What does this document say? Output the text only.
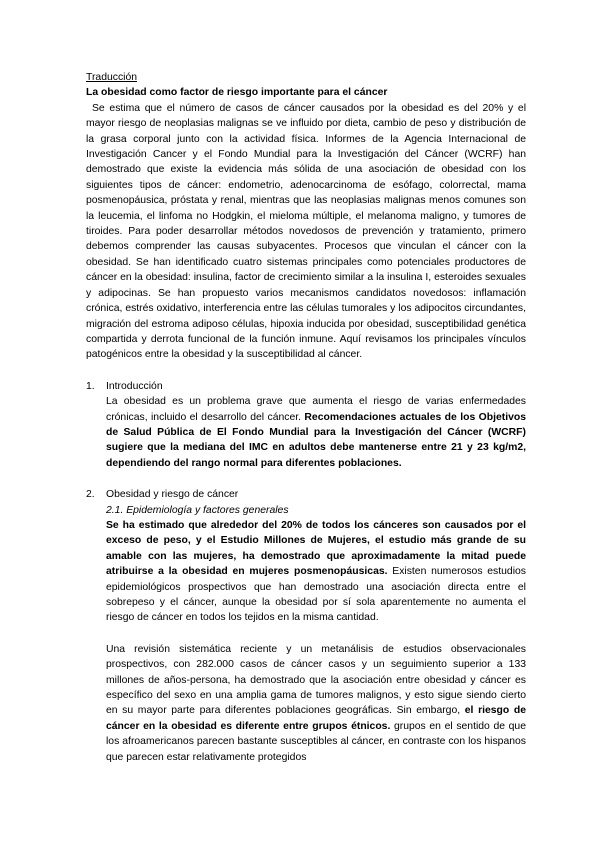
Traducción

La obesidad como factor de riesgo importante para el cáncer

Se estima que el número de casos de cáncer causados por la obesidad es del 20% y el mayor riesgo de neoplasias malignas se ve influido por dieta, cambio de peso y distribución de la grasa corporal junto con la actividad física. Informes de la Agencia Internacional de Investigación Cancer y el Fondo Mundial para la Investigación del Cáncer (WCRF) han demostrado que existe la evidencia más sólida de una asociación de obesidad con los siguientes tipos de cáncer: endometrio, adenocarcinoma de esófago, colorrectal, mama posmenopáusica, próstata y renal, mientras que las neoplasias malignas menos comunes son la leucemia, el linfoma no Hodgkin, el mieloma múltiple, el melanoma maligno, y tumores de tiroides. Para poder desarrollar métodos novedosos de prevención y tratamiento, primero debemos comprender las causas subyacentes. Procesos que vinculan el cáncer con la obesidad. Se han identificado cuatro sistemas principales como potenciales productores de cáncer en la obesidad: insulina, factor de crecimiento similar a la insulina I, esteroides sexuales y adipocinas. Se han propuesto varios mecanismos candidatos novedosos: inflamación crónica, estrés oxidativo, interferencia entre las células tumorales y los adipocitos circundantes, migración del estroma adiposo células, hipoxia inducida por obesidad, susceptibilidad genética compartida y derrota funcional de la función inmune. Aquí revisamos los principales vínculos patogénicos entre la obesidad y la susceptibilidad al cáncer.

1. Introducción

La obesidad es un problema grave que aumenta el riesgo de varias enfermedades crónicas, incluido el desarrollo del cáncer. Recomendaciones actuales de los Objetivos de Salud Pública de El Fondo Mundial para la Investigación del Cáncer (WCRF) sugiere que la mediana del IMC en adultos debe mantenerse entre 21 y 23 kg/m2, dependiendo del rango normal para diferentes poblaciones.

2. Obesidad y riesgo de cáncer

2.1. Epidemiología y factores generales

Se ha estimado que alrededor del 20% de todos los cánceres son causados por el exceso de peso, y el Estudio Millones de Mujeres, el estudio más grande de su amable con las mujeres, ha demostrado que aproximadamente la mitad puede atribuirse a la obesidad en mujeres posmenopáusicas. Existen numerosos estudios epidemiológicos prospectivos que han demostrado una asociación directa entre el sobrepeso y el cáncer, aunque la obesidad por sí sola aparentemente no aumenta el riesgo de cáncer en todos los tejidos en la misma cantidad.

Una revisión sistemática reciente y un metanálisis de estudios observacionales prospectivos, con 282.000 casos de cáncer casos y un seguimiento superior a 133 millones de años-persona, ha demostrado que la asociación entre obesidad y cáncer es específico del sexo en una amplia gama de tumores malignos, y esto sigue siendo cierto en su mayor parte para diferentes poblaciones geográficas. Sin embargo, el riesgo de cáncer en la obesidad es diferente entre grupos étnicos. grupos en el sentido de que los afroamericanos parecen bastante susceptibles al cáncer, en contraste con los hispanos que parecen estar relativamente protegidos
